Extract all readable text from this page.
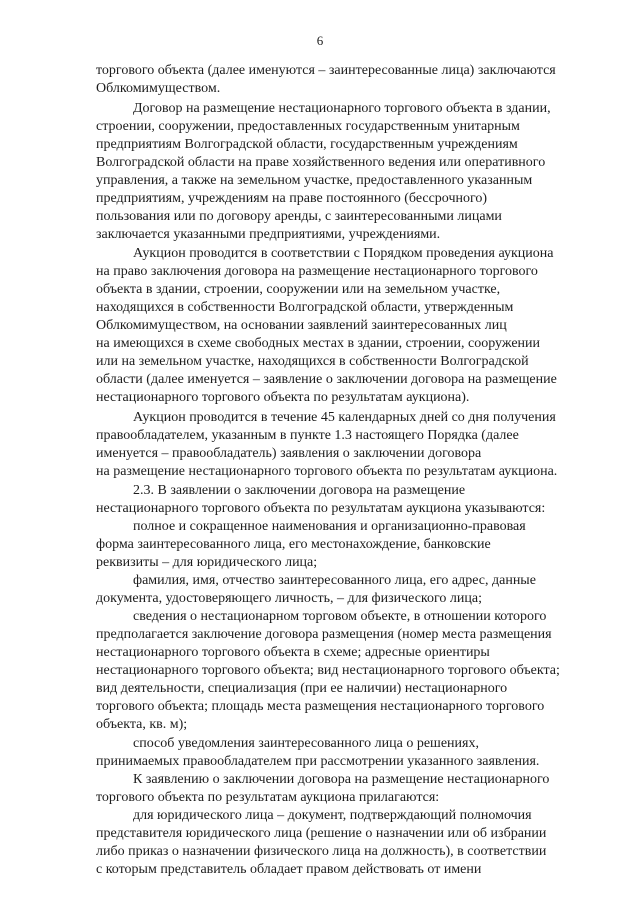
6
торгового объекта (далее именуются – заинтересованные лица) заключаются
Облкомимуществом.
Договор на размещение нестационарного торгового объекта в здании,
строении, сооружении, предоставленных государственным унитарным
предприятиям Волгоградской области, государственным учреждениям
Волгоградской области на праве хозяйственного ведения или оперативного
управления, а также на земельном участке, предоставленного указанным
предприятиям, учреждениям на праве постоянного (бессрочного)
пользования или по договору аренды, с заинтересованными лицами
заключается указанными предприятиями, учреждениями.
Аукцион проводится в соответствии с Порядком проведения аукциона
на право заключения договора на размещение нестационарного торгового
объекта в здании, строении, сооружении или на земельном участке,
находящихся в собственности Волгоградской области, утвержденным
Облкомимуществом, на основании заявлений заинтересованных лиц
на имеющихся в схеме свободных местах в здании, строении, сооружении
или на земельном участке, находящихся в собственности Волгоградской
области (далее именуется – заявление о заключении договора на размещение
нестационарного торгового объекта по результатам аукциона).
Аукцион проводится в течение 45 календарных дней со дня получения
правообладателем, указанным в пункте 1.3 настоящего Порядка (далее
именуется – правообладатель) заявления о заключении договора
на размещение нестационарного торгового объекта по результатам аукциона.
2.3. В заявлении о заключении договора на размещение
нестационарного торгового объекта по результатам аукциона указываются:
полное и сокращенное наименования и организационно-правовая
форма заинтересованного лица, его местонахождение, банковские
реквизиты – для юридического лица;
фамилия, имя, отчество заинтересованного лица, его адрес, данные
документа, удостоверяющего личность, – для физического лица;
сведения о нестационарном торговом объекте, в отношении которого
предполагается заключение договора размещения (номер места размещения
нестационарного торгового объекта в схеме; адресные ориентиры
нестационарного торгового объекта; вид нестационарного торгового объекта;
вид деятельности, специализация (при ее наличии) нестационарного
торгового объекта; площадь места размещения нестационарного торгового
объекта, кв. м);
способ уведомления заинтересованного лица о решениях,
принимаемых правообладателем при рассмотрении указанного заявления.
К заявлению о заключении договора на размещение нестационарного
торгового объекта по результатам аукциона прилагаются:
для юридического лица – документ, подтверждающий полномочия
представителя юридического лица (решение о назначении или об избрании
либо приказ о назначении физического лица на должность), в соответствии
с которым представитель обладает правом действовать от имени
